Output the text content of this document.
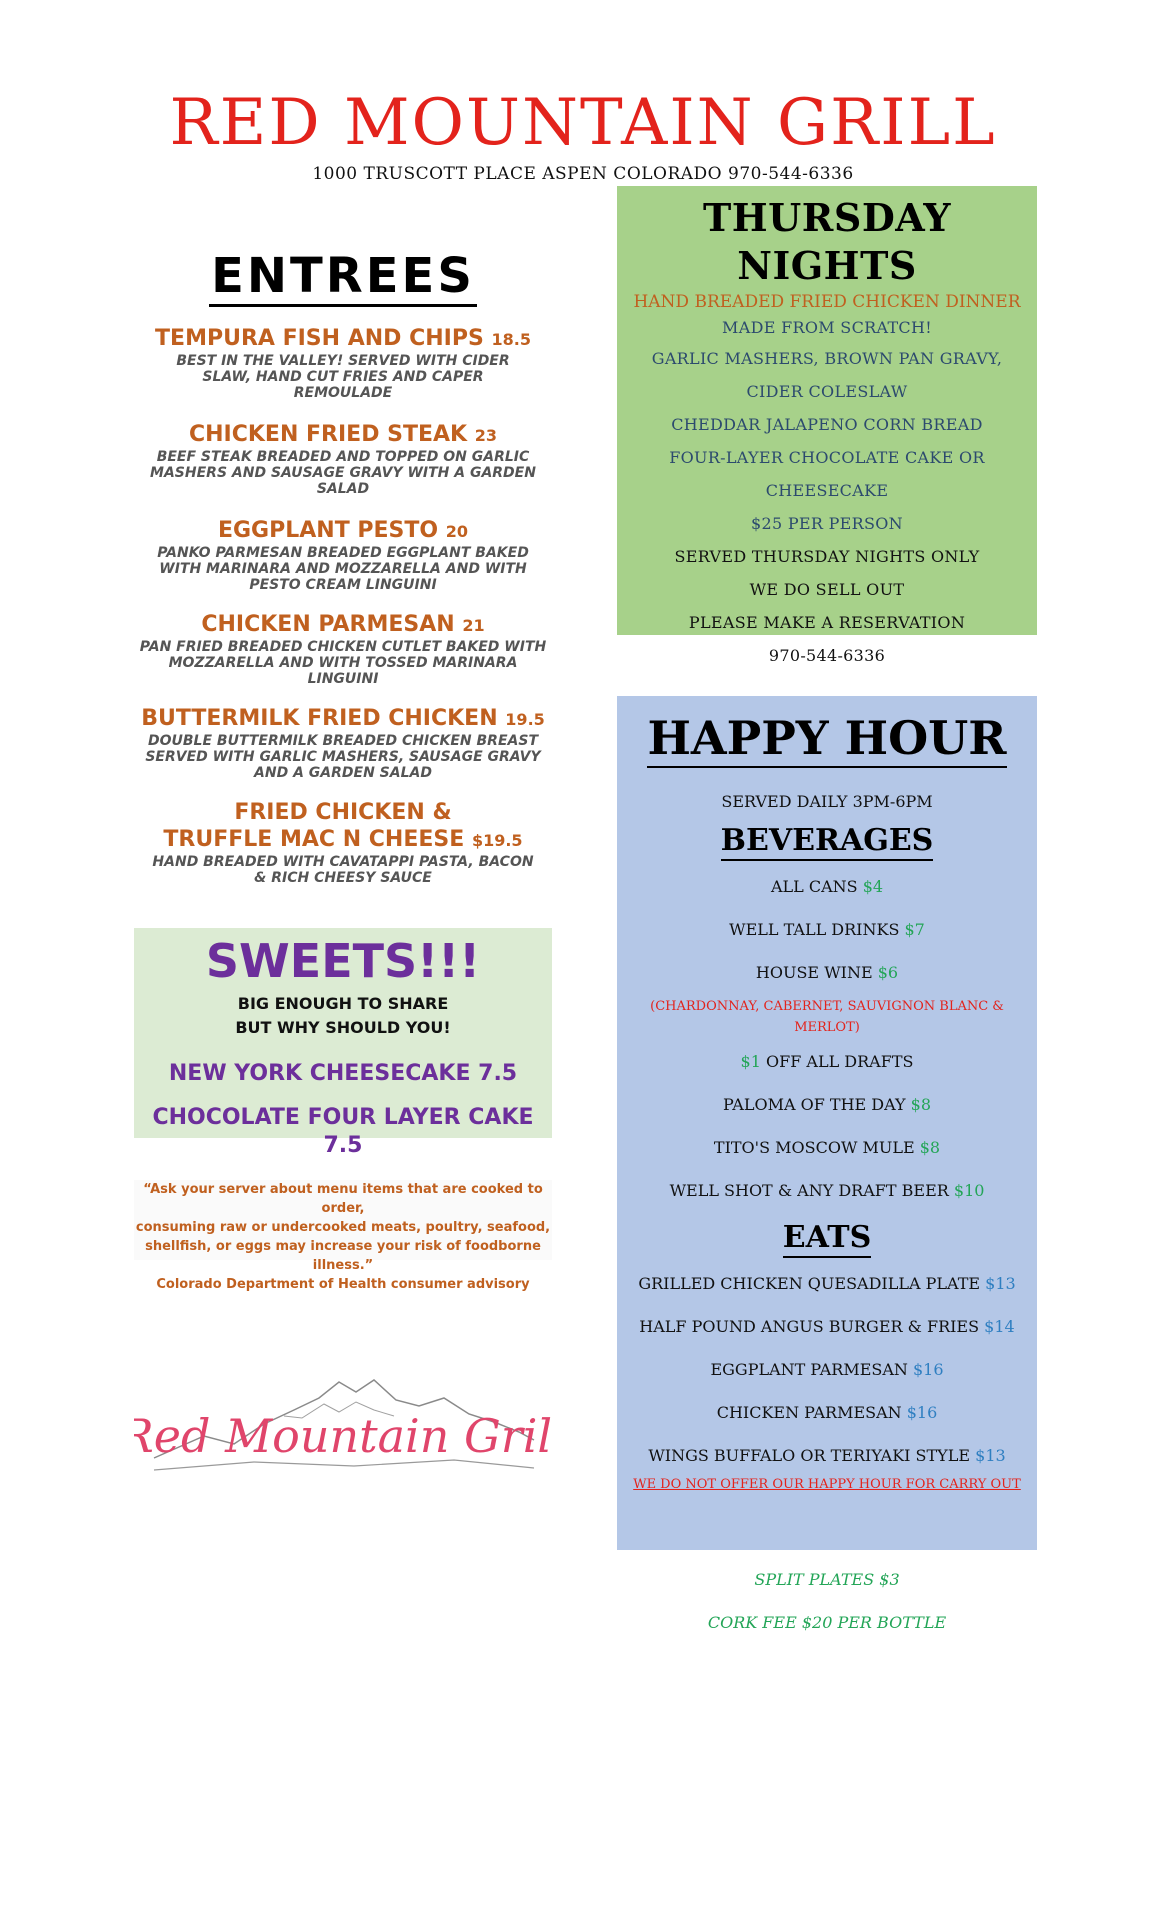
RED MOUNTAIN GRILL
1000 TRUSCOTT PLACE ASPEN COLORADO 970-544-6336
ENTREES
TEMPURA FISH AND CHIPS 18.5
BEST IN THE VALLEY! SERVED WITH CIDER SLAW, HAND CUT FRIES AND CAPER REMOULADE
CHICKEN FRIED STEAK 23
BEEF STEAK BREADED AND TOPPED ON GARLIC MASHERS AND SAUSAGE GRAVY WITH A GARDEN SALAD
EGGPLANT PESTO 20
PANKO PARMESAN BREADED EGGPLANT BAKED WITH MARINARA AND MOZZARELLA AND WITH PESTO CREAM LINGUINI
CHICKEN PARMESAN 21
PAN FRIED BREADED CHICKEN CUTLET BAKED WITH MOZZARELLA AND WITH TOSSED MARINARA LINGUINI
BUTTERMILK FRIED CHICKEN 19.5
DOUBLE BUTTERMILK BREADED CHICKEN BREAST SERVED WITH GARLIC MASHERS, SAUSAGE GRAVY AND A GARDEN SALAD
FRIED CHICKEN &
TRUFFLE MAC N CHEESE $19.5
HAND BREADED WITH CAVATAPPI PASTA, BACON & RICH CHEESY SAUCE
SWEETS!!!
BIG ENOUGH TO SHARE
BUT WHY SHOULD YOU!
NEW YORK CHEESECAKE 7.5
CHOCOLATE FOUR LAYER CAKE 7.5
“Ask your server about menu items that are cooked to order,
consuming raw or undercooked meats, poultry, seafood,
shellfish, or eggs may increase your risk of foodborne illness.”
Colorado Department of Health consumer advisory
Red Mountain Grill
THURSDAY NIGHTS
HAND BREADED FRIED CHICKEN DINNER
MADE FROM SCRATCH!
GARLIC MASHERS, BROWN PAN GRAVY,
CIDER COLESLAW
CHEDDAR JALAPENO CORN BREAD
FOUR-LAYER CHOCOLATE CAKE OR
CHEESECAKE
$25 PER PERSON
SERVED THURSDAY NIGHTS ONLY
WE DO SELL OUT
PLEASE MAKE A RESERVATION
970-544-6336
HAPPY HOUR
SERVED DAILY 3PM-6PM
BEVERAGES
ALL CANS $4
WELL TALL DRINKS $7
HOUSE WINE $6
(CHARDONNAY, CABERNET, SAUVIGNON BLANC &
MERLOT)
$1 OFF ALL DRAFTS
PALOMA OF THE DAY $8
TITO'S MOSCOW MULE $8
WELL SHOT & ANY DRAFT BEER $10
EATS
GRILLED CHICKEN QUESADILLA PLATE $13
HALF POUND ANGUS BURGER & FRIES $14
EGGPLANT PARMESAN $16
CHICKEN PARMESAN $16
WINGS BUFFALO OR TERIYAKI STYLE $13
WE DO NOT OFFER OUR HAPPY HOUR FOR CARRY OUT
SPLIT PLATES $3
CORK FEE $20 PER BOTTLE
